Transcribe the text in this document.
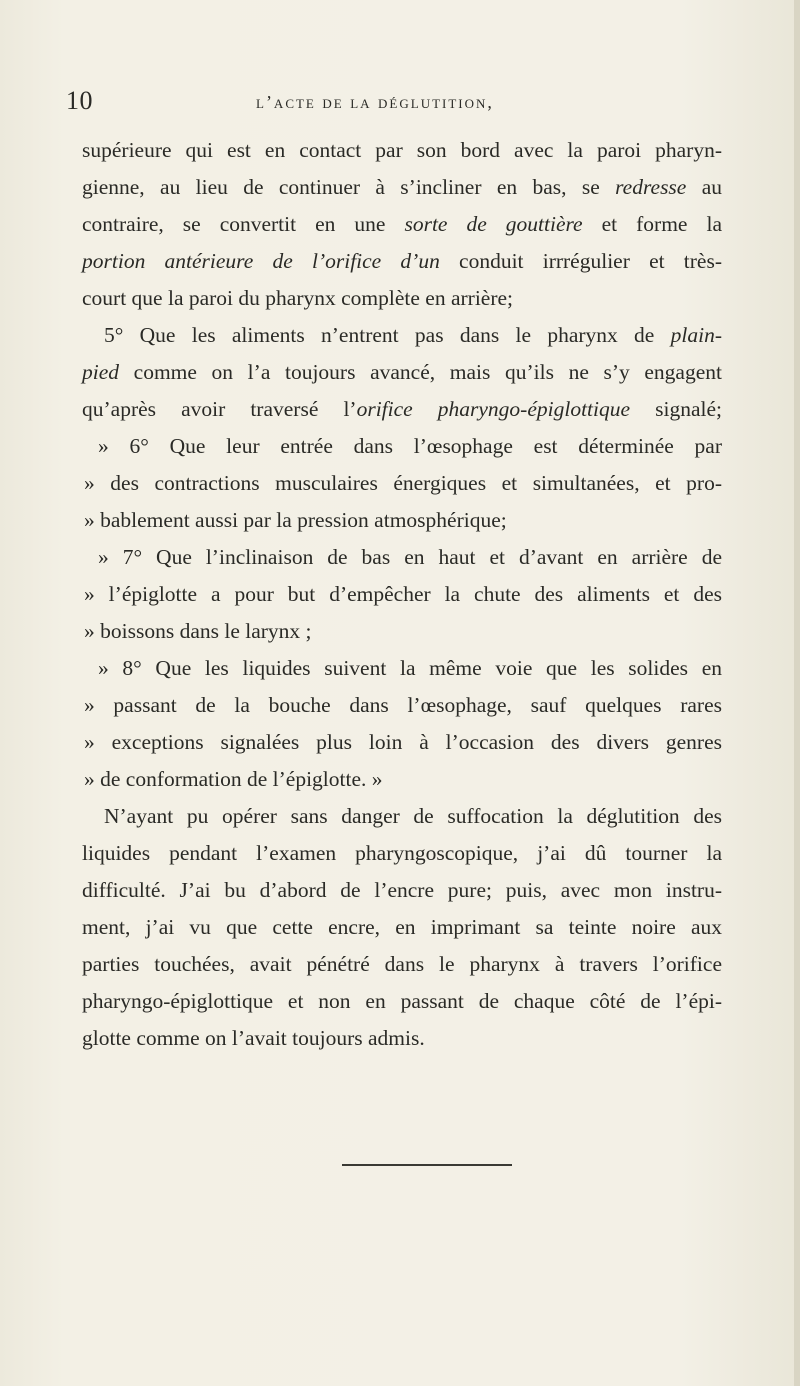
10	l’acte de la déglutition,
supérieure qui est en contact par son bord avec la paroi pharyn-
gienne, au lieu de continuer à s’incliner en bas, se redresse au
contraire, se convertit en une sorte de gouttière et forme la
portion antérieure de l’orifice d’un conduit irrrégulier et très-
court que la paroi du pharynx complète en arrière;
5° Que les aliments n’entrent pas dans le pharynx de plain-
pied comme on l’a toujours avancé, mais qu’ils ne s’y engagent
qu’après avoir traversé l’orifice pharyngo-épiglottique signalé;
» 6° Que leur entrée dans l’œsophage est déterminée par
» des contractions musculaires énergiques et simultanées, et pro-
» bablement aussi par la pression atmosphérique;
» 7° Que l’inclinaison de bas en haut et d’avant en arrière de
» l’épiglotte a pour but d’empêcher la chute des aliments et des
» boissons dans le larynx ;
» 8° Que les liquides suivent la même voie que les solides en
» passant de la bouche dans l’œsophage, sauf quelques rares
» exceptions signalées plus loin à l’occasion des divers genres
» de conformation de l’épiglotte. »
N’ayant pu opérer sans danger de suffocation la déglutition des
liquides pendant l’examen pharyngoscopique, j’ai dû tourner la
difficulté. J’ai bu d’abord de l’encre pure; puis, avec mon instru-
ment, j’ai vu que cette encre, en imprimant sa teinte noire aux
parties touchées, avait pénétré dans le pharynx à travers l’orifice
pharyngo-épiglottique et non en passant de chaque côté de l’épi-
glotte comme on l’avait toujours admis.
